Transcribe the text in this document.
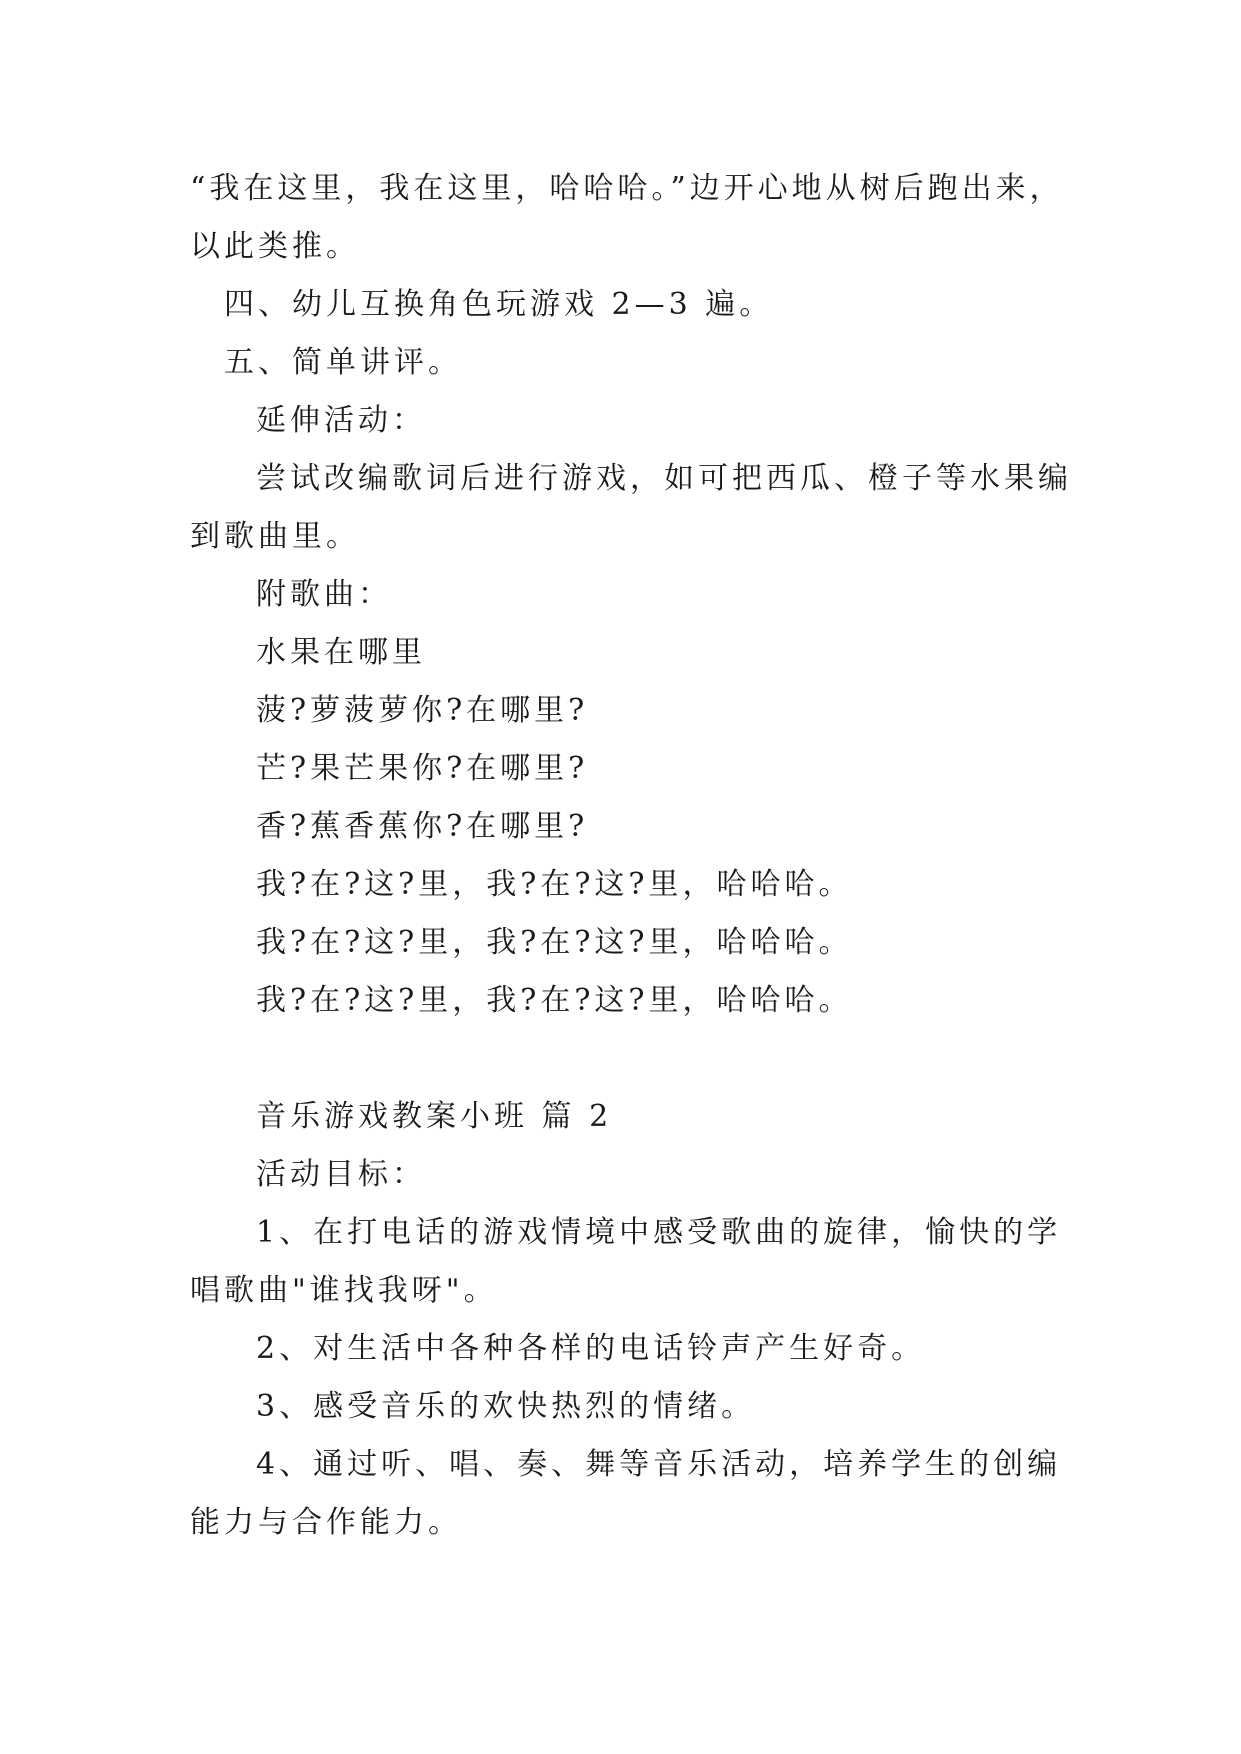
“我在这里，我在这里，哈哈哈。”边开心地从树后跑出来，

以此类推。

四、幼儿互换角色玩游戏 2—3 遍。

五、简单讲评。

延伸活动：

尝试改编歌词后进行游戏，如可把西瓜、橙子等水果编

到歌曲里。

附歌曲：

水果在哪里

菠?萝菠萝你?在哪里?

芒?果芒果你?在哪里?

香?蕉香蕉你?在哪里?

我?在?这?里，我?在?这?里，哈哈哈。

我?在?这?里，我?在?这?里，哈哈哈。

我?在?这?里，我?在?这?里，哈哈哈。

音乐游戏教案小班 篇 2

活动目标：

1、在打电话的游戏情境中感受歌曲的旋律，愉快的学

唱歌曲"谁找我呀"。

2、对生活中各种各样的电话铃声产生好奇。

3、感受音乐的欢快热烈的情绪。

4、通过听、唱、奏、舞等音乐活动，培养学生的创编

能力与合作能力。
